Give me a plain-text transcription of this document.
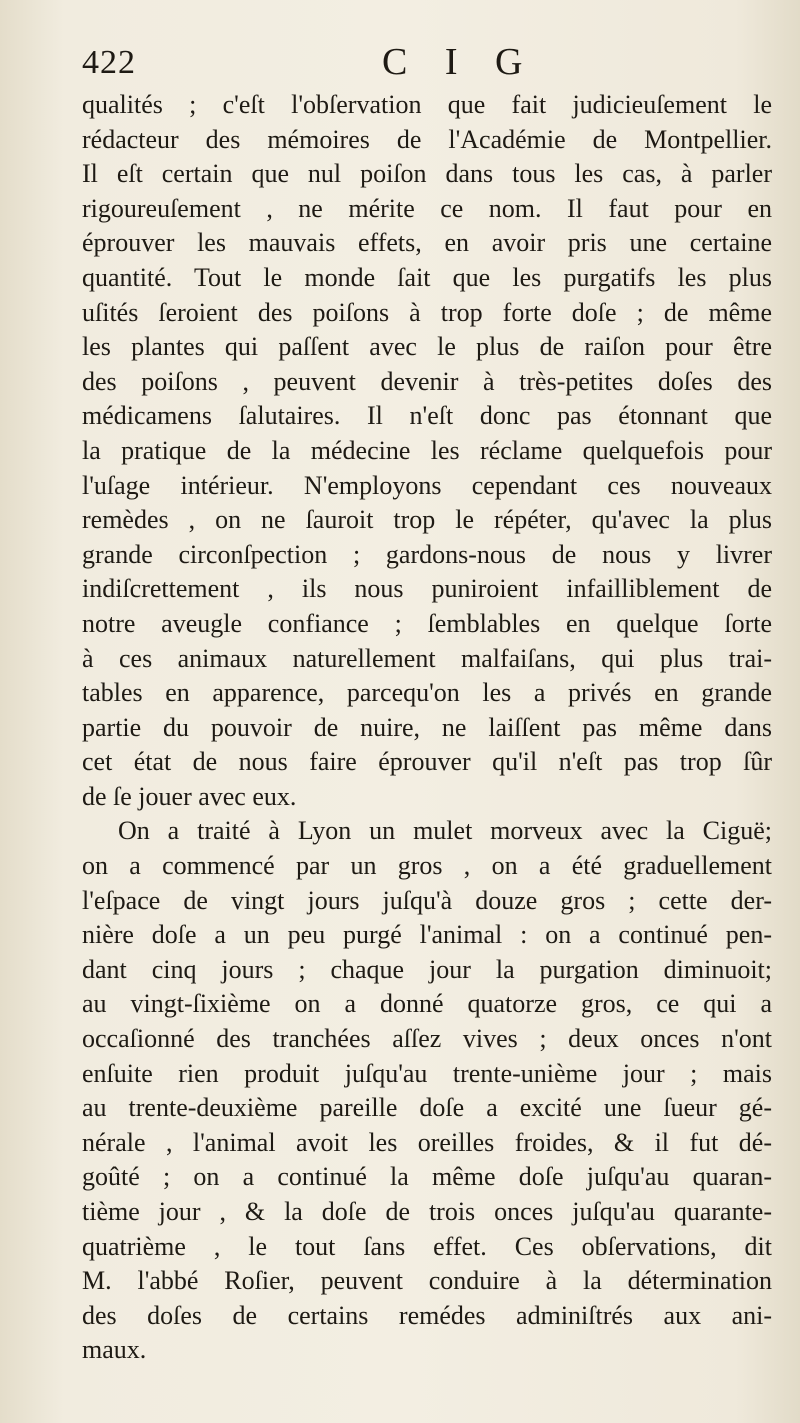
422	C I G
qualités ; c'eſt l'obſervation que fait judicieuſement le
rédacteur des mémoires de l'Académie de Montpellier.
Il eſt certain que nul poiſon dans tous les cas, à parler
rigoureuſement , ne mérite ce nom. Il faut pour en
éprouver les mauvais effets, en avoir pris une certaine
quantité. Tout le monde ſait que les purgatifs les plus
uſités ſeroient des poiſons à trop forte doſe ; de même
les plantes qui paſſent avec le plus de raiſon pour être
des poiſons , peuvent devenir à très-petites doſes des
médicamens ſalutaires. Il n'eſt donc pas étonnant que
la pratique de la médecine les réclame quelquefois pour
l'uſage intérieur. N'employons cependant ces nouveaux
remèdes , on ne ſauroit trop le répéter, qu'avec la plus
grande circonſpection ; gardons-nous de nous y livrer
indiſcrettement , ils nous puniroient infailliblement de
notre aveugle confiance ; ſemblables en quelque ſorte
à ces animaux naturellement malfaiſans, qui plus trai-
tables en apparence, parcequ'on les a privés en grande
partie du pouvoir de nuire, ne laiſſent pas même dans
cet état de nous faire éprouver qu'il n'eſt pas trop ſûr
de ſe jouer avec eux.
On a traité à Lyon un mulet morveux avec la Ciguë;
on a commencé par un gros , on a été graduellement
l'eſpace de vingt jours juſqu'à douze gros ; cette der-
nière doſe a un peu purgé l'animal : on a continué pen-
dant cinq jours ; chaque jour la purgation diminuoit;
au vingt-ſixième on a donné quatorze gros, ce qui a
occaſionné des tranchées aſſez vives ; deux onces n'ont
enſuite rien produit juſqu'au trente-unième jour ; mais
au trente-deuxième pareille doſe a excité une ſueur gé-
nérale , l'animal avoit les oreilles froides, & il fut dé-
goûté ; on a continué la même doſe juſqu'au quaran-
tième jour , & la doſe de trois onces juſqu'au quarante-
quatrième , le tout ſans effet. Ces obſervations, dit
M. l'abbé Roſier, peuvent conduire à la détermination
des doſes de certains remédes adminiſtrés aux ani-
maux.
